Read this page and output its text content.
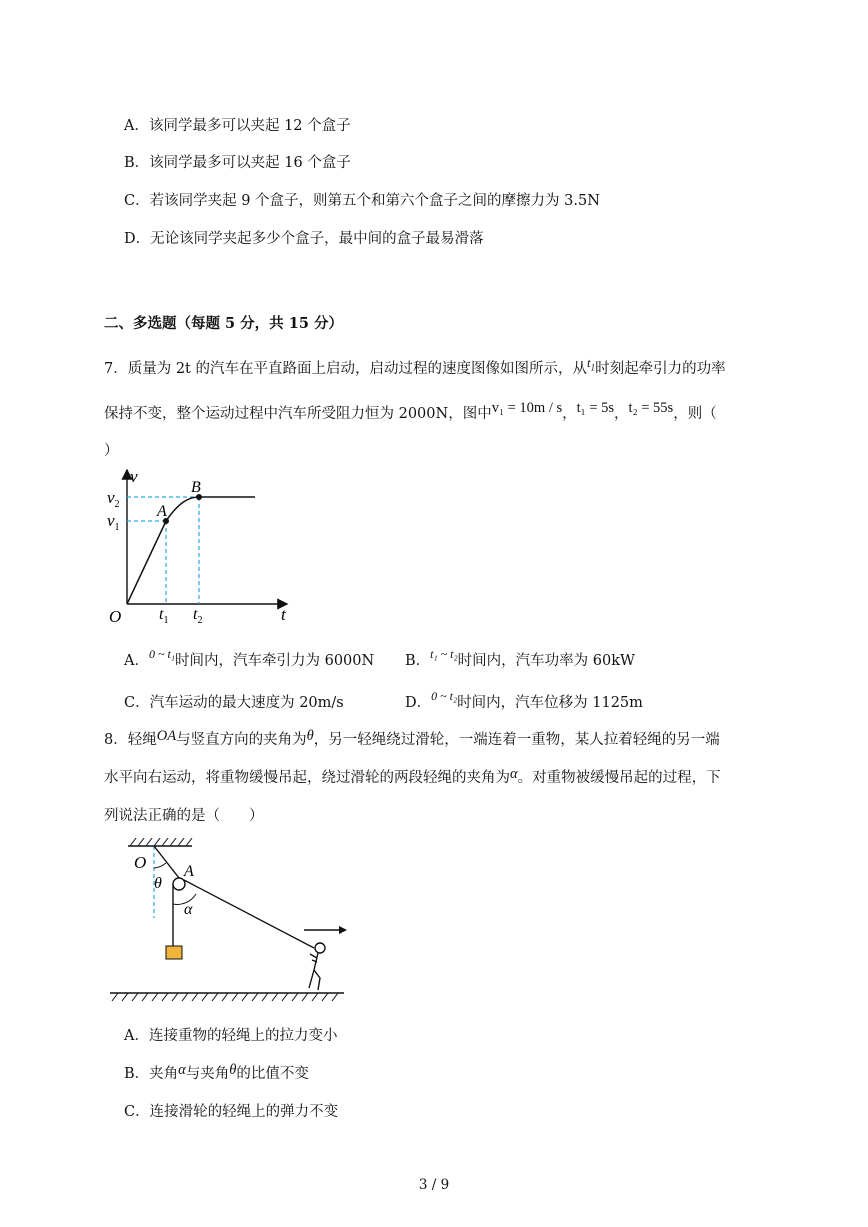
A．该同学最多可以夹起 12 个盒子
B．该同学最多可以夹起 16 个盒子
C．若该同学夹起 9 个盒子，则第五个和第六个盒子之间的摩擦力为 3.5N
D．无论该同学夹起多少个盒子，最中间的盒子最易滑落
二、多选题（每题 5 分，共 15 分）
7．质量为 2t 的汽车在平直路面上启动，启动过程的速度图像如图所示，从$t_1$时刻起牵引力的功率
保持不变，整个运动过程中汽车所受阻力恒为 2000N，图中v₁ = 10m / s，t₁ = 5s，t₂ = 55s，则（
）
v
t
O
A
B
$v_2$
$v_1$
$t_1$ $t_2$
A．$^{0 \sim t_1}$时间内，汽车牵引力为 6000N B．$^{t_1 \sim t_2}$时间内，汽车功率为 60kW
C．汽车运动的最大速度为 20m/s	D．$^{0 \sim t_2}$时间内，汽车位移为 1125m
8．轻绳OA与竖直方向的夹角为θ，另一轻绳绕过滑轮，一端连着一重物，某人拉着轻绳的另一端
水平向右运动，将重物缓慢吊起，绕过滑轮的两段轻绳的夹角为α。对重物被缓慢吊起的过程，下
列说法正确的是（　　）
O A
θ
α
A．连接重物的轻绳上的拉力变小
B．夹角α与夹角θ的比值不变
C．连接滑轮的轻绳上的弹力不变
3 / 9
